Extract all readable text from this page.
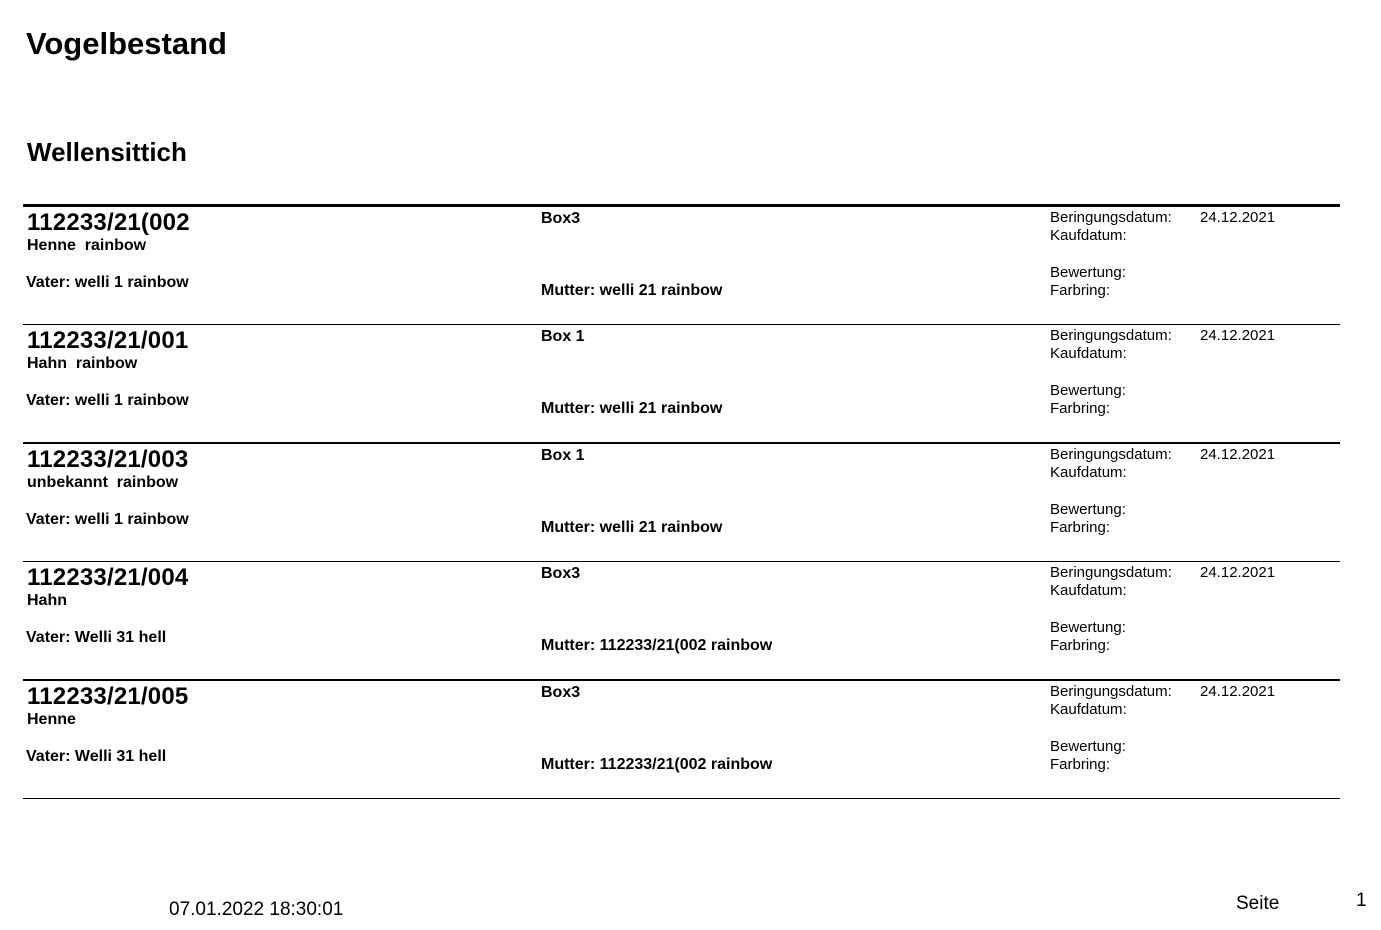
Vogelbestand
Wellensittich
112233/21(002
Henne  rainbow
Vater: welli 1 rainbow
Box3
Mutter: welli 21 rainbow
Beringungsdatum: 24.12.2021
Kaufdatum:
Bewertung:
Farbring:
112233/21/001
Hahn  rainbow
Vater: welli 1 rainbow
Box 1
Mutter: welli 21 rainbow
Beringungsdatum: 24.12.2021
Kaufdatum:
Bewertung:
Farbring:
112233/21/003
unbekannt  rainbow
Vater: welli 1 rainbow
Box 1
Mutter: welli 21 rainbow
Beringungsdatum: 24.12.2021
Kaufdatum:
Bewertung:
Farbring:
112233/21/004
Hahn
Vater: Welli 31 hell
Box3
Mutter: 112233/21(002 rainbow
Beringungsdatum: 24.12.2021
Kaufdatum:
Bewertung:
Farbring:
112233/21/005
Henne
Vater: Welli 31 hell
Box3
Mutter: 112233/21(002 rainbow
Beringungsdatum: 24.12.2021
Kaufdatum:
Bewertung:
Farbring:
07.01.2022 18:30:01	Seite	1
